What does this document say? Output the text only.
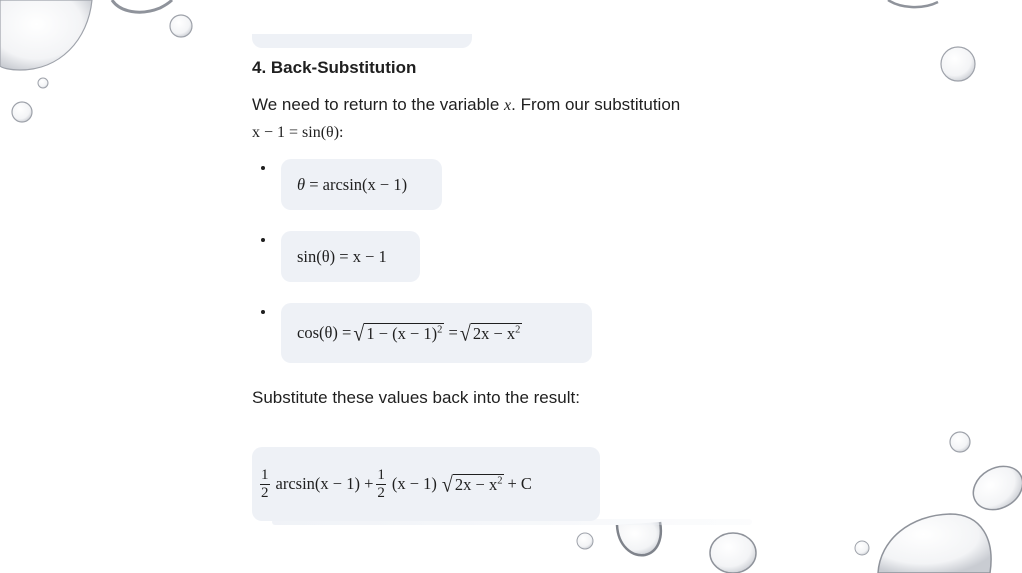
4. Back-Substitution
We need to return to the variable x. From our substitution
x − 1 = sin(θ):
θ
= arcsin(x − 1)
sin(θ)
= x − 1
cos(θ) = √ $1 - (x - 1)^2$
= √ $2x - x^2$
Substitute these values back into the result:
$\frac{1}{2} \arcsin(x - 1) + \frac{1}{2} (x - 1)$ √ $2x - x^2 + C$
